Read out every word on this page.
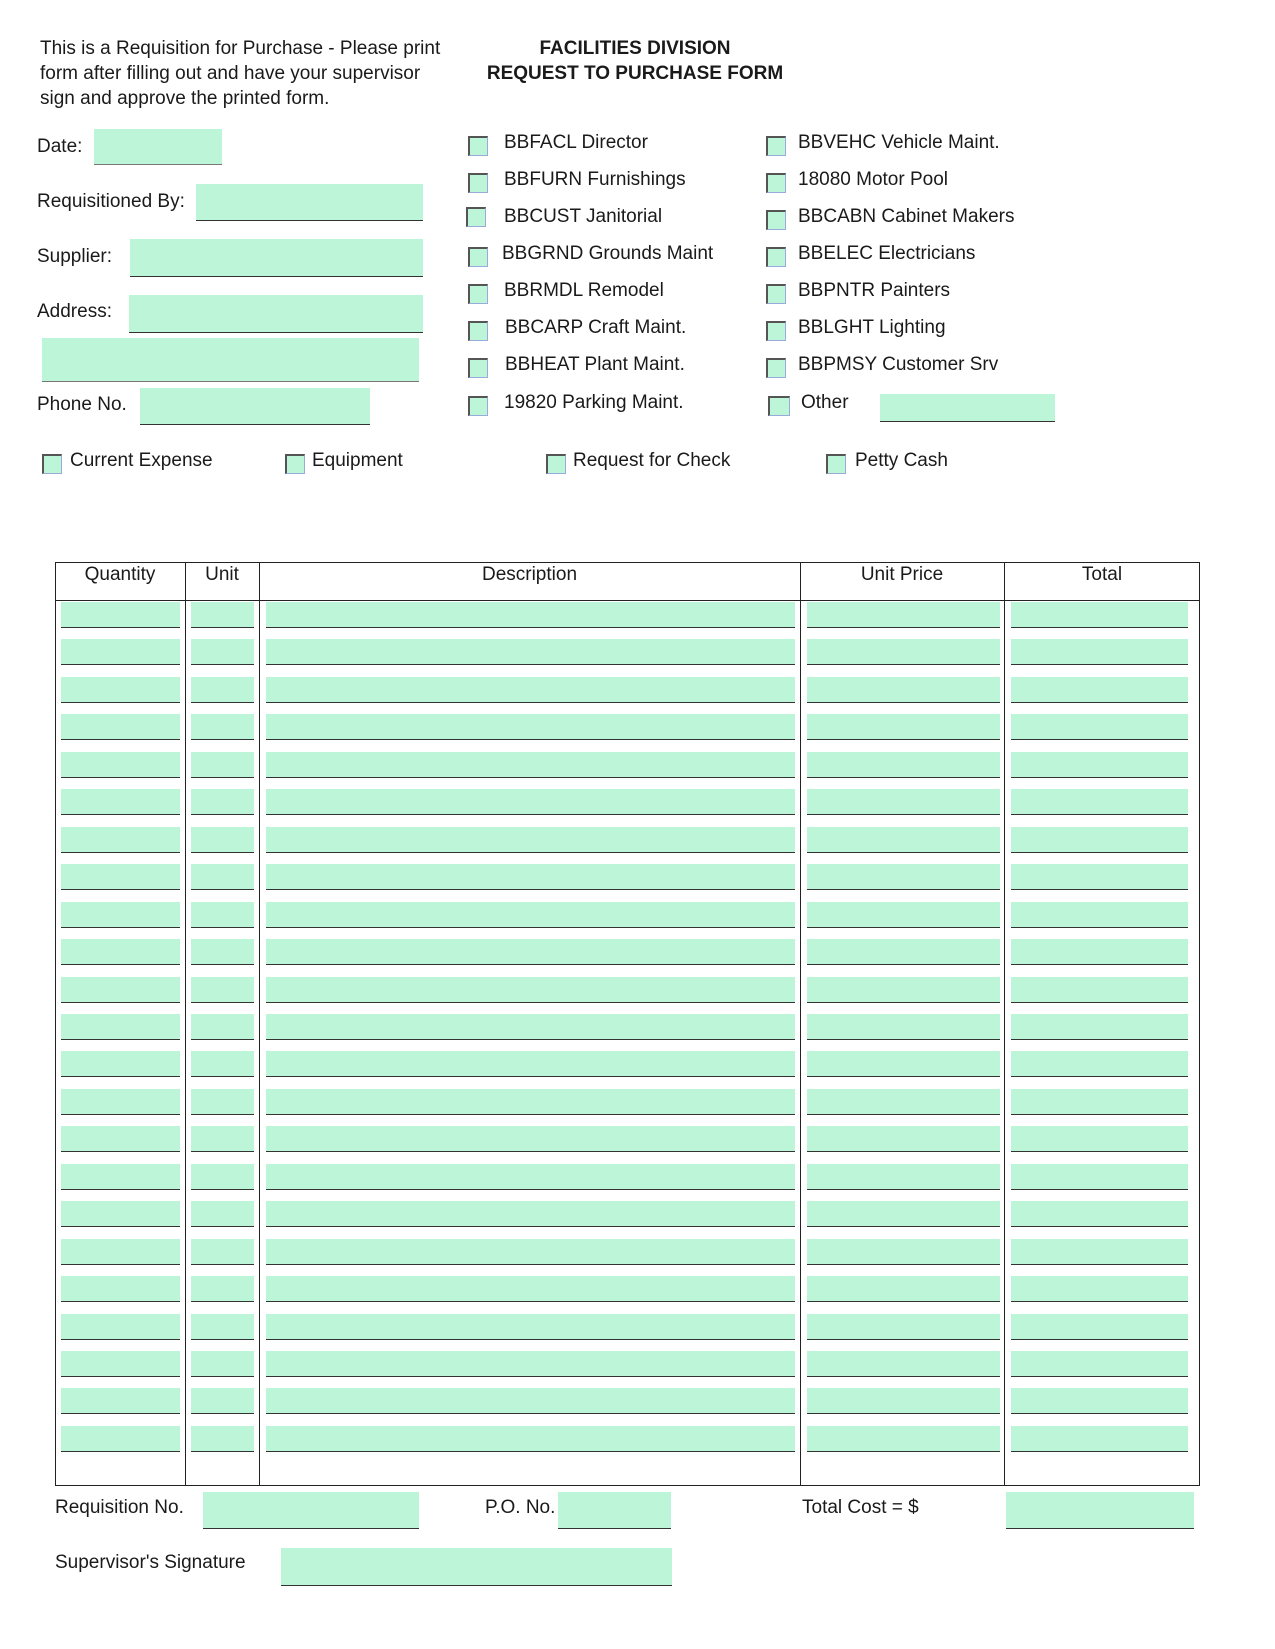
This is a Requisition for Purchase - Please print form after filling out and have your supervisor sign and approve the printed form.
FACILITIES DIVISION
REQUEST TO PURCHASE FORM
Date:
Requisitioned By:
Supplier:
Address:
Phone No.
BBFACL Director
BBFURN Furnishings
BBCUST Janitorial
BBGRND Grounds Maint
BBRMDL Remodel
BBCARP Craft Maint.
BBHEAT Plant Maint.
19820 Parking Maint.
BBVEHC Vehicle Maint.
18080 Motor Pool
BBCABN Cabinet Makers
BBELEC Electricians
BBPNTR Painters
BBLGHT Lighting
BBPMSY Customer Srv
Other
Current Expense	Equipment	Request for Check	Petty Cash
Quantity	Unit	Description	Unit Price	Total
Requisition No.	P.O. No.	Total Cost = $
Supervisor's Signature
